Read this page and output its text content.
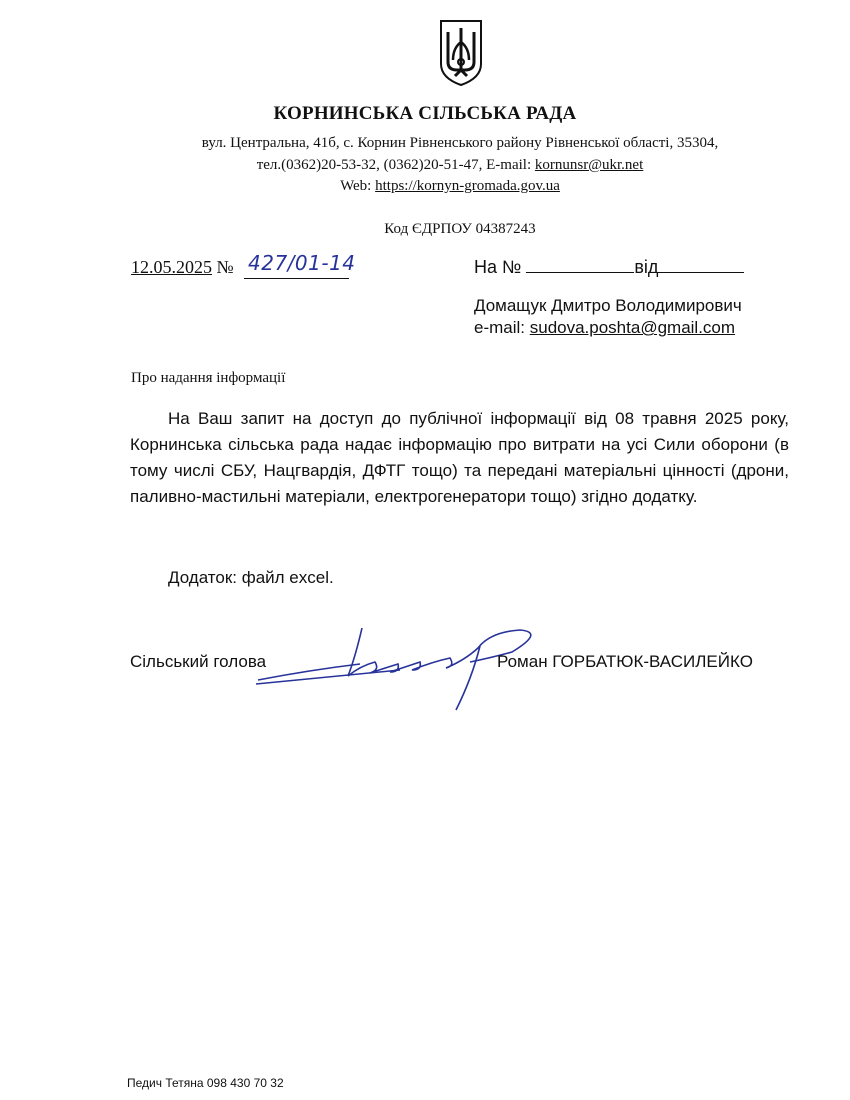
КОРНИНСЬКА СІЛЬСЬКА РАДА
вул. Центральна, 41б, с. Корнин Рівненського району Рівненської області, 35304,
тел.(0362)20-53-32, (0362)20-51-47, E-mail: kornunsr@ukr.net
Web: https://kornyn-gromada.gov.ua
Код ЄДРПОУ 04387243
12.05.2025 № 427/01-14	На №	від
Домащук Дмитро Володимирович
e-mail: sudova.poshta@gmail.com
Про надання інформації
На Ваш запит на доступ до публічної інформації від 08 травня 2025 року, Корнинська сільська рада надає інформацію про витрати на усі Сили оборони (в тому числі СБУ, Нацгвардія, ДФТГ тощо) та передані матеріальні цінності (дрони, паливно-мастильні матеріали, електрогенератори тощо) згідно додатку.
Додаток: файл excel.
Сільський голова	Роман ГОРБАТЮК-ВАСИЛЕЙКО
Педич Тетяна 098 430 70 32
